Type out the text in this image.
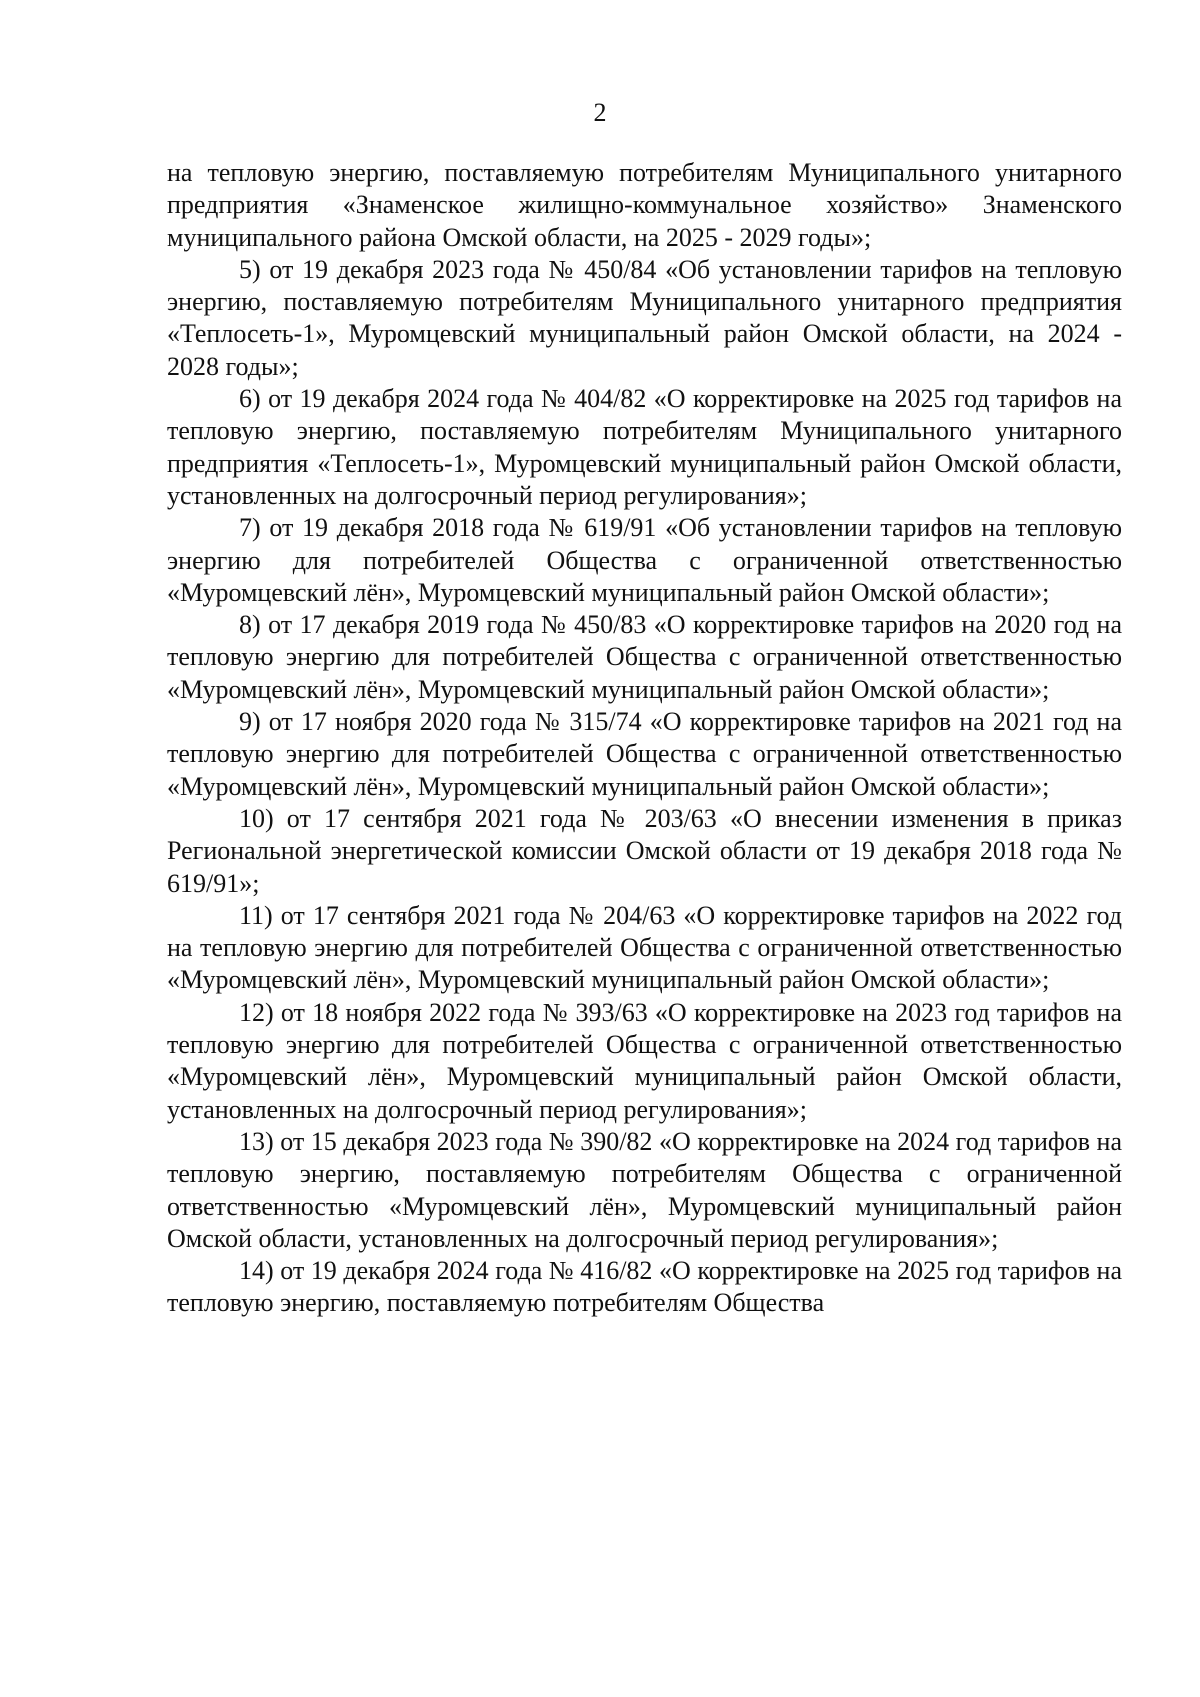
2

на тепловую энергию, поставляемую потребителям Муниципального унитарного предприятия «Знаменское жилищно-коммунальное хозяйство» Знаменского муниципального района Омской области, на 2025 - 2029 годы»;

5) от 19 декабря 2023 года № 450/84 «Об установлении тарифов на тепловую энергию, поставляемую потребителям Муниципального унитарного предприятия «Теплосеть-1», Муромцевский муниципальный район Омской области, на 2024 - 2028 годы»;

6) от 19 декабря 2024 года № 404/82 «О корректировке на 2025 год тарифов на тепловую энергию, поставляемую потребителям Муниципального унитарного предприятия «Теплосеть-1», Муромцевский муниципальный район Омской области, установленных на долгосрочный период регулирования»;

7) от 19 декабря 2018 года № 619/91 «Об установлении тарифов на тепловую энергию для потребителей Общества с ограниченной ответственностью «Муромцевский лён», Муромцевский муниципальный район Омской области»;

8) от 17 декабря 2019 года № 450/83 «О корректировке тарифов на 2020 год на тепловую энергию для потребителей Общества с ограниченной ответственностью «Муромцевский лён», Муромцевский муниципальный район Омской области»;

9) от 17 ноября 2020 года № 315/74 «О корректировке тарифов на 2021 год на тепловую энергию для потребителей Общества с ограниченной ответственностью «Муромцевский лён», Муромцевский муниципальный район Омской области»;

10) от 17 сентября 2021 года № 203/63 «О внесении изменения в приказ Региональной энергетической комиссии Омской области от 19 декабря 2018 года № 619/91»;

11) от 17 сентября 2021 года № 204/63 «О корректировке тарифов на 2022 год на тепловую энергию для потребителей Общества с ограниченной ответственностью «Муромцевский лён», Муромцевский муниципальный район Омской области»;

12) от 18 ноября 2022 года № 393/63 «О корректировке на 2023 год тарифов на тепловую энергию для потребителей Общества с ограниченной ответственностью «Муромцевский лён», Муромцевский муниципальный район Омской области, установленных на долгосрочный период регулирования»;

13) от 15 декабря 2023 года № 390/82 «О корректировке на 2024 год тарифов на тепловую энергию, поставляемую потребителям Общества с ограниченной ответственностью «Муромцевский лён», Муромцевский муниципальный район Омской области, установленных на долгосрочный период регулирования»;

14) от 19 декабря 2024 года № 416/82 «О корректировке на 2025 год тарифов на тепловую энергию, поставляемую потребителям Общества
